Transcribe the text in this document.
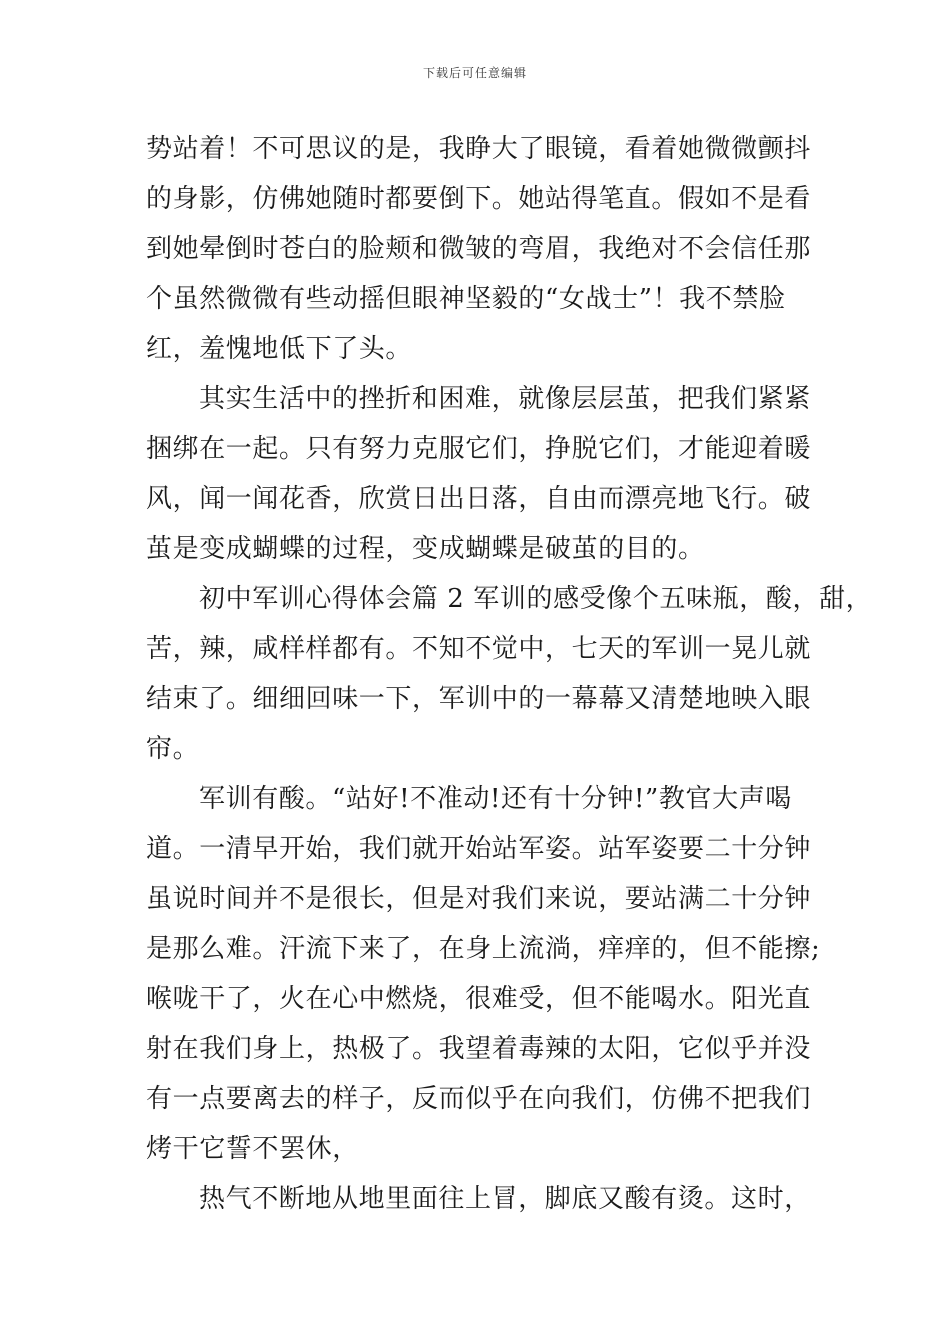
下载后可任意编辑
势站着！不可思议的是，我睁大了眼镜，看着她微微颤抖
的身影，仿佛她随时都要倒下。她站得笔直。假如不是看
到她晕倒时苍白的脸颊和微皱的弯眉，我绝对不会信任那
个虽然微微有些动摇但眼神坚毅的“女战士”！我不禁脸
红，羞愧地低下了头。
其实生活中的挫折和困难，就像层层茧，把我们紧紧
捆绑在一起。只有努力克服它们，挣脱它们，才能迎着暖
风，闻一闻花香，欣赏日出日落，自由而漂亮地飞行。破
茧是变成蝴蝶的过程，变成蝴蝶是破茧的目的。
初中军训心得体会篇 2 军训的感受像个五味瓶，酸，甜，
苦，辣，咸样样都有。不知不觉中，七天的军训一晃儿就
结束了。细细回味一下，军训中的一幕幕又清楚地映入眼
帘。
军训有酸。“站好!不准动!还有十分钟!”教官大声喝
道。一清早开始，我们就开始站军姿。站军姿要二十分钟
虽说时间并不是很长，但是对我们来说，要站满二十分钟
是那么难。汗流下来了，在身上流淌，痒痒的，但不能擦;
喉咙干了，火在心中燃烧，很难受，但不能喝水。阳光直
射在我们身上，热极了。我望着毒辣的太阳，它似乎并没
有一点要离去的样子，反而似乎在向我们，仿佛不把我们
烤干它誓不罢休，
热气不断地从地里面往上冒，脚底又酸有烫。这时，
